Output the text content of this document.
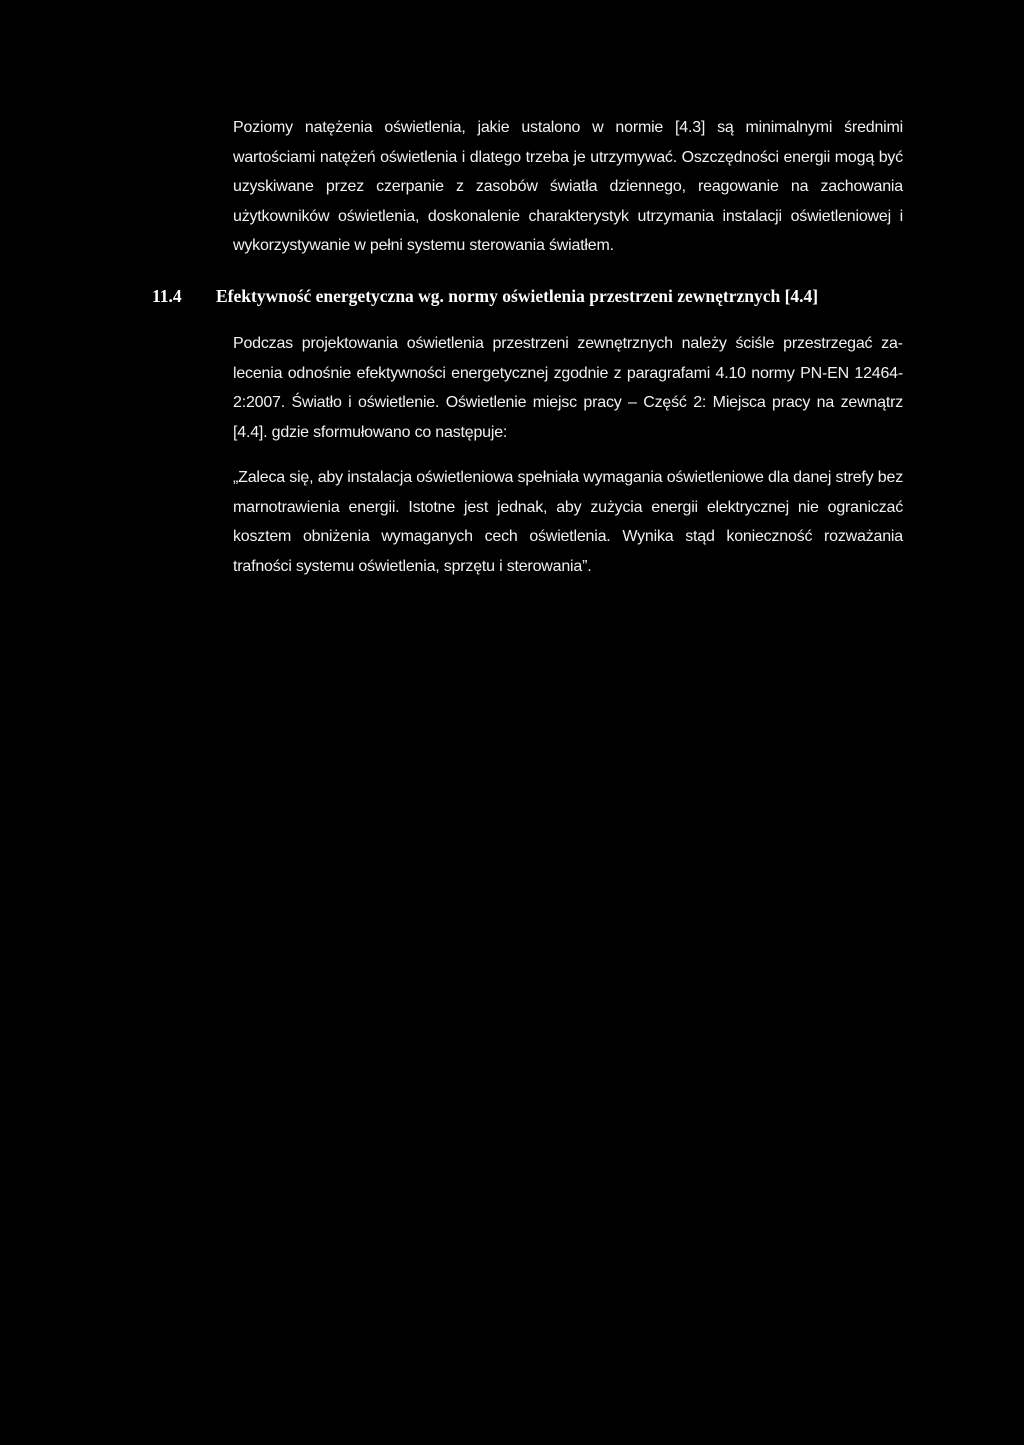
Poziomy natężenia oświetlenia, jakie ustalono w normie [4.3] są minimalnymi średnimi wartościami natężeń oświetlenia i dlatego trzeba je utrzymywać. Oszczędności energii mogą być uzyskiwane przez czerpanie z zasobów światła dziennego, reagowanie na zachowania użytkowników oświetlenia, doskonalenie charakterystyk utrzymania instalacji oświetleniowej i wykorzystywanie w pełni systemu sterowania światłem.

11.4 Efektywność energetyczna wg. normy oświetlenia przestrzeni zewnętrznych [4.4]

Podczas projektowania oświetlenia przestrzeni zewnętrznych należy ściśle przestrzegać zalecenia odnośnie efektywności energetycznej zgodnie z paragrafami 4.10 normy PN-EN 12464-2:2007. Światło i oświetlenie. Oświetlenie miejsc pracy – Część 2: Miejsca pracy na zewnątrz [4.4]. gdzie sformułowano co następuje:

„Zaleca się, aby instalacja oświetleniowa spełniała wymagania oświetleniowe dla danej strefy bez marnotrawienia energii. Istotne jest jednak, aby zużycia energii elektrycznej nie ograniczać kosztem obniżenia wymaganych cech oświetlenia. Wynika stąd konieczność rozważania trafności systemu oświetlenia, sprzętu i sterowania”.
